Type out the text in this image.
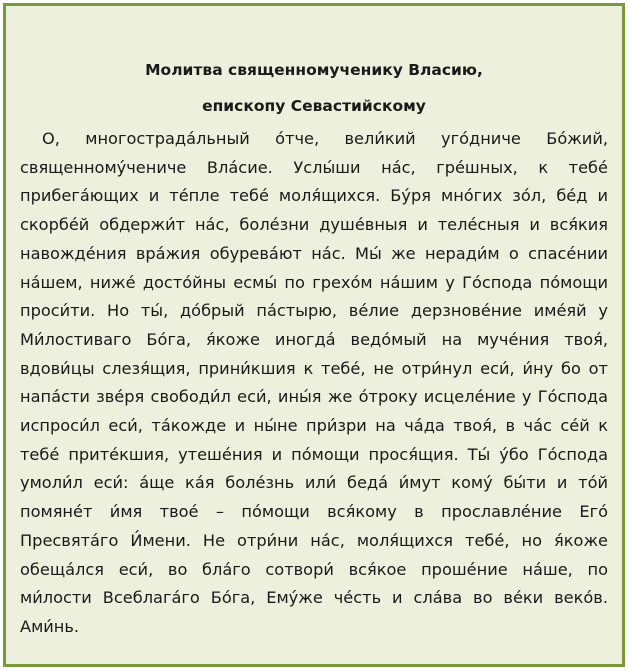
Молитва священномученику Власию,

епископу Севастийскому

О, многострада́льный о́тче, вели́кий уго́дниче Бо́жий, священному́чениче Вла́сие. Услы́ши на́с, гре́шных, к тебе́ прибега́ющих и те́пле тебе́ моля́щихся. Бу́ря мно́гих зо́л, бе́д и скорбе́й обдержи́т на́с, боле́зни душе́вныя и теле́сныя и вся́кия навожде́ния вра́жия обурева́ют на́с. Мы́ же нерaди́м о спасе́нии на́шем, ниже́ досто́йны есмы́ по грехо́м на́шим у Го́спода по́мощи проси́ти. Но ты́, до́брый па́стырю, ве́лие дерзнове́ние име́яй у Ми́лостиваго Бо́га, я́коже иногда́ ведо́мый на муче́ния твоя́, вдови́цы слезя́щия, прини́кшия к тебе́, не отри́нул еси́, и́ну бо от напа́сти зве́ря свободи́л еси́, ины́я же о́троку исцеле́ние у Го́спода испроси́л еси́, та́кожде и ны́не при́зри на ча́да твоя́, в ча́с се́й к тебе́ прите́кшия, утеше́ния и по́мощи прося́щия. Ты́ у́бо Го́спода умоли́л еси́: а́ще ка́я боле́знь или́ беда́ и́мут кому́ бы́ти и то́й помяне́т и́мя твое́ – по́мощи вся́кому в прославле́ние Его́ Пресвята́го И́мени. Не отри́ни на́с, моля́щихся тебе́, но я́коже обеща́лся еси́, во бла́го сотвори́ вся́кое проше́ние на́ше, по ми́лости Всеблага́го Бо́га, Ему́же че́сть и сла́ва во ве́ки веко́в. Ами́нь.
